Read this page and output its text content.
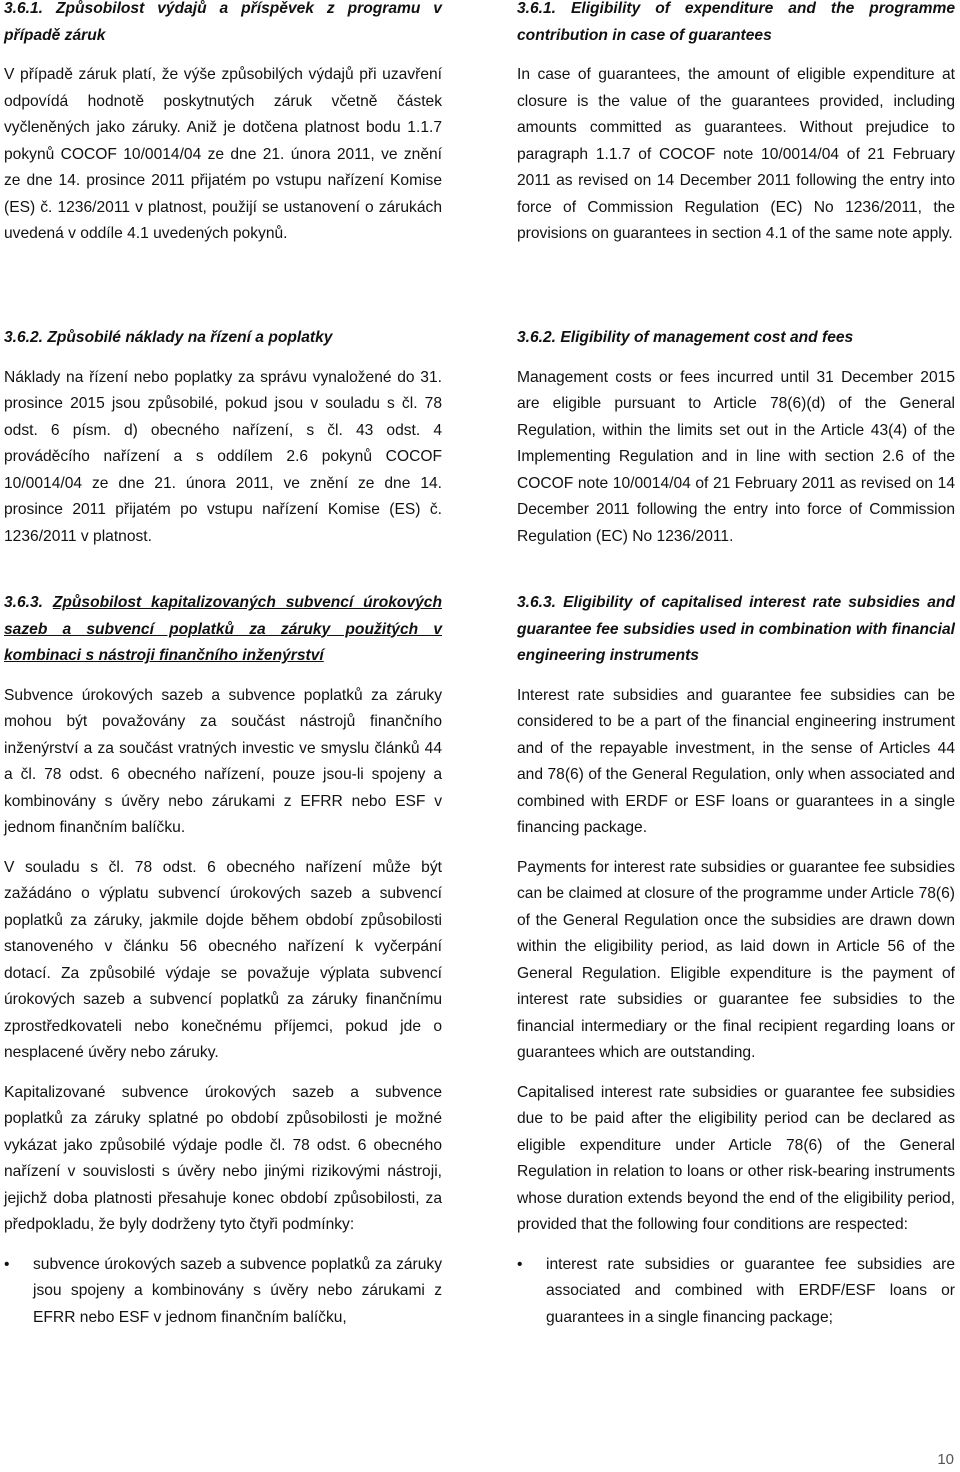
3.6.1. Způsobilost výdajů a příspěvek z programu v případě záruk

V případě záruk platí, že výše způsobilých výdajů při uzavření odpovídá hodnotě poskytnutých záruk včetně částek vyčleněných jako záruky. Aniž je dotčena platnost bodu 1.1.7 pokynů COCOF 10/0014/04 ze dne 21. února 2011, ve znění ze dne 14. prosince 2011 přijatém po vstupu nařízení Komise (ES) č. 1236/2011 v platnost, použijí se ustanovení o zárukách uvedená v oddíle 4.1 uvedených pokynů.

3.6.2. Způsobilé náklady na řízení a poplatky

Náklady na řízení nebo poplatky za správu vynaložené do 31. prosince 2015 jsou způsobilé, pokud jsou v souladu s čl. 78 odst. 6 písm. d) obecného nařízení, s čl. 43 odst. 4 prováděcího nařízení a s oddílem 2.6 pokynů COCOF 10/0014/04 ze dne 21. února 2011, ve znění ze dne 14. prosince 2011 přijatém po vstupu nařízení Komise (ES) č. 1236/2011 v platnost.

3.6.3. Způsobilost kapitalizovaných subvencí úrokových sazeb a subvencí poplatků za záruky použitých v kombinaci s nástroji finančního inženýrství

Subvence úrokových sazeb a subvence poplatků za záruky mohou být považovány za součást nástrojů finančního inženýrství a za součást vratných investic ve smyslu článků 44 a čl. 78 odst. 6 obecného nařízení, pouze jsou-li spojeny a kombinovány s úvěry nebo zárukami z EFRR nebo ESF v jednom finančním balíčku.

V souladu s čl. 78 odst. 6 obecného nařízení může být zažádáno o výplatu subvencí úrokových sazeb a subvencí poplatků za záruky, jakmile dojde během období způsobilosti stanoveného v článku 56 obecného nařízení k vyčerpání dotací. Za způsobilé výdaje se považuje výplata subvencí úrokových sazeb a subvencí poplatků za záruky finančnímu zprostředkovateli nebo konečnému příjemci, pokud jde o nesplacené úvěry nebo záruky.

Kapitalizované subvence úrokových sazeb a subvence poplatků za záruky splatné po období způsobilosti je možné vykázat jako způsobilé výdaje podle čl. 78 odst. 6 obecného nařízení v souvislosti s úvěry nebo jinými rizikovými nástroji, jejichž doba platnosti přesahuje konec období způsobilosti, za předpokladu, že byly dodrženy tyto čtyři podmínky:

• subvence úrokových sazeb a subvence poplatků za záruky jsou spojeny a kombinovány s úvěry nebo zárukami z EFRR nebo ESF v jednom finančním balíčku,

3.6.1. Eligibility of expenditure and the programme contribution in case of guarantees

In case of guarantees, the amount of eligible expenditure at closure is the value of the guarantees provided, including amounts committed as guarantees. Without prejudice to paragraph 1.1.7 of COCOF note 10/0014/04 of 21 February 2011 as revised on 14 December 2011 following the entry into force of Commission Regulation (EC) No 1236/2011, the provisions on guarantees in section 4.1 of the same note apply.

3.6.2. Eligibility of management cost and fees

Management costs or fees incurred until 31 December 2015 are eligible pursuant to Article 78(6)(d) of the General Regulation, within the limits set out in the Article 43(4) of the Implementing Regulation and in line with section 2.6 of the COCOF note 10/0014/04 of 21 February 2011 as revised on 14 December 2011 following the entry into force of Commission Regulation (EC) No 1236/2011.

3.6.3. Eligibility of capitalised interest rate subsidies and guarantee fee subsidies used in combination with financial engineering instruments

Interest rate subsidies and guarantee fee subsidies can be considered to be a part of the financial engineering instrument and of the repayable investment, in the sense of Articles 44 and 78(6) of the General Regulation, only when associated and combined with ERDF or ESF loans or guarantees in a single financing package.

Payments for interest rate subsidies or guarantee fee subsidies can be claimed at closure of the programme under Article 78(6) of the General Regulation once the subsidies are drawn down within the eligibility period, as laid down in Article 56 of the General Regulation. Eligible expenditure is the payment of interest rate subsidies or guarantee fee subsidies to the financial intermediary or the final recipient regarding loans or guarantees which are outstanding.

Capitalised interest rate subsidies or guarantee fee subsidies due to be paid after the eligibility period can be declared as eligible expenditure under Article 78(6) of the General Regulation in relation to loans or other risk-bearing instruments whose duration extends beyond the end of the eligibility period, provided that the following four conditions are respected:

• interest rate subsidies or guarantee fee subsidies are associated and combined with ERDF/ESF loans or guarantees in a single financing package;
10
